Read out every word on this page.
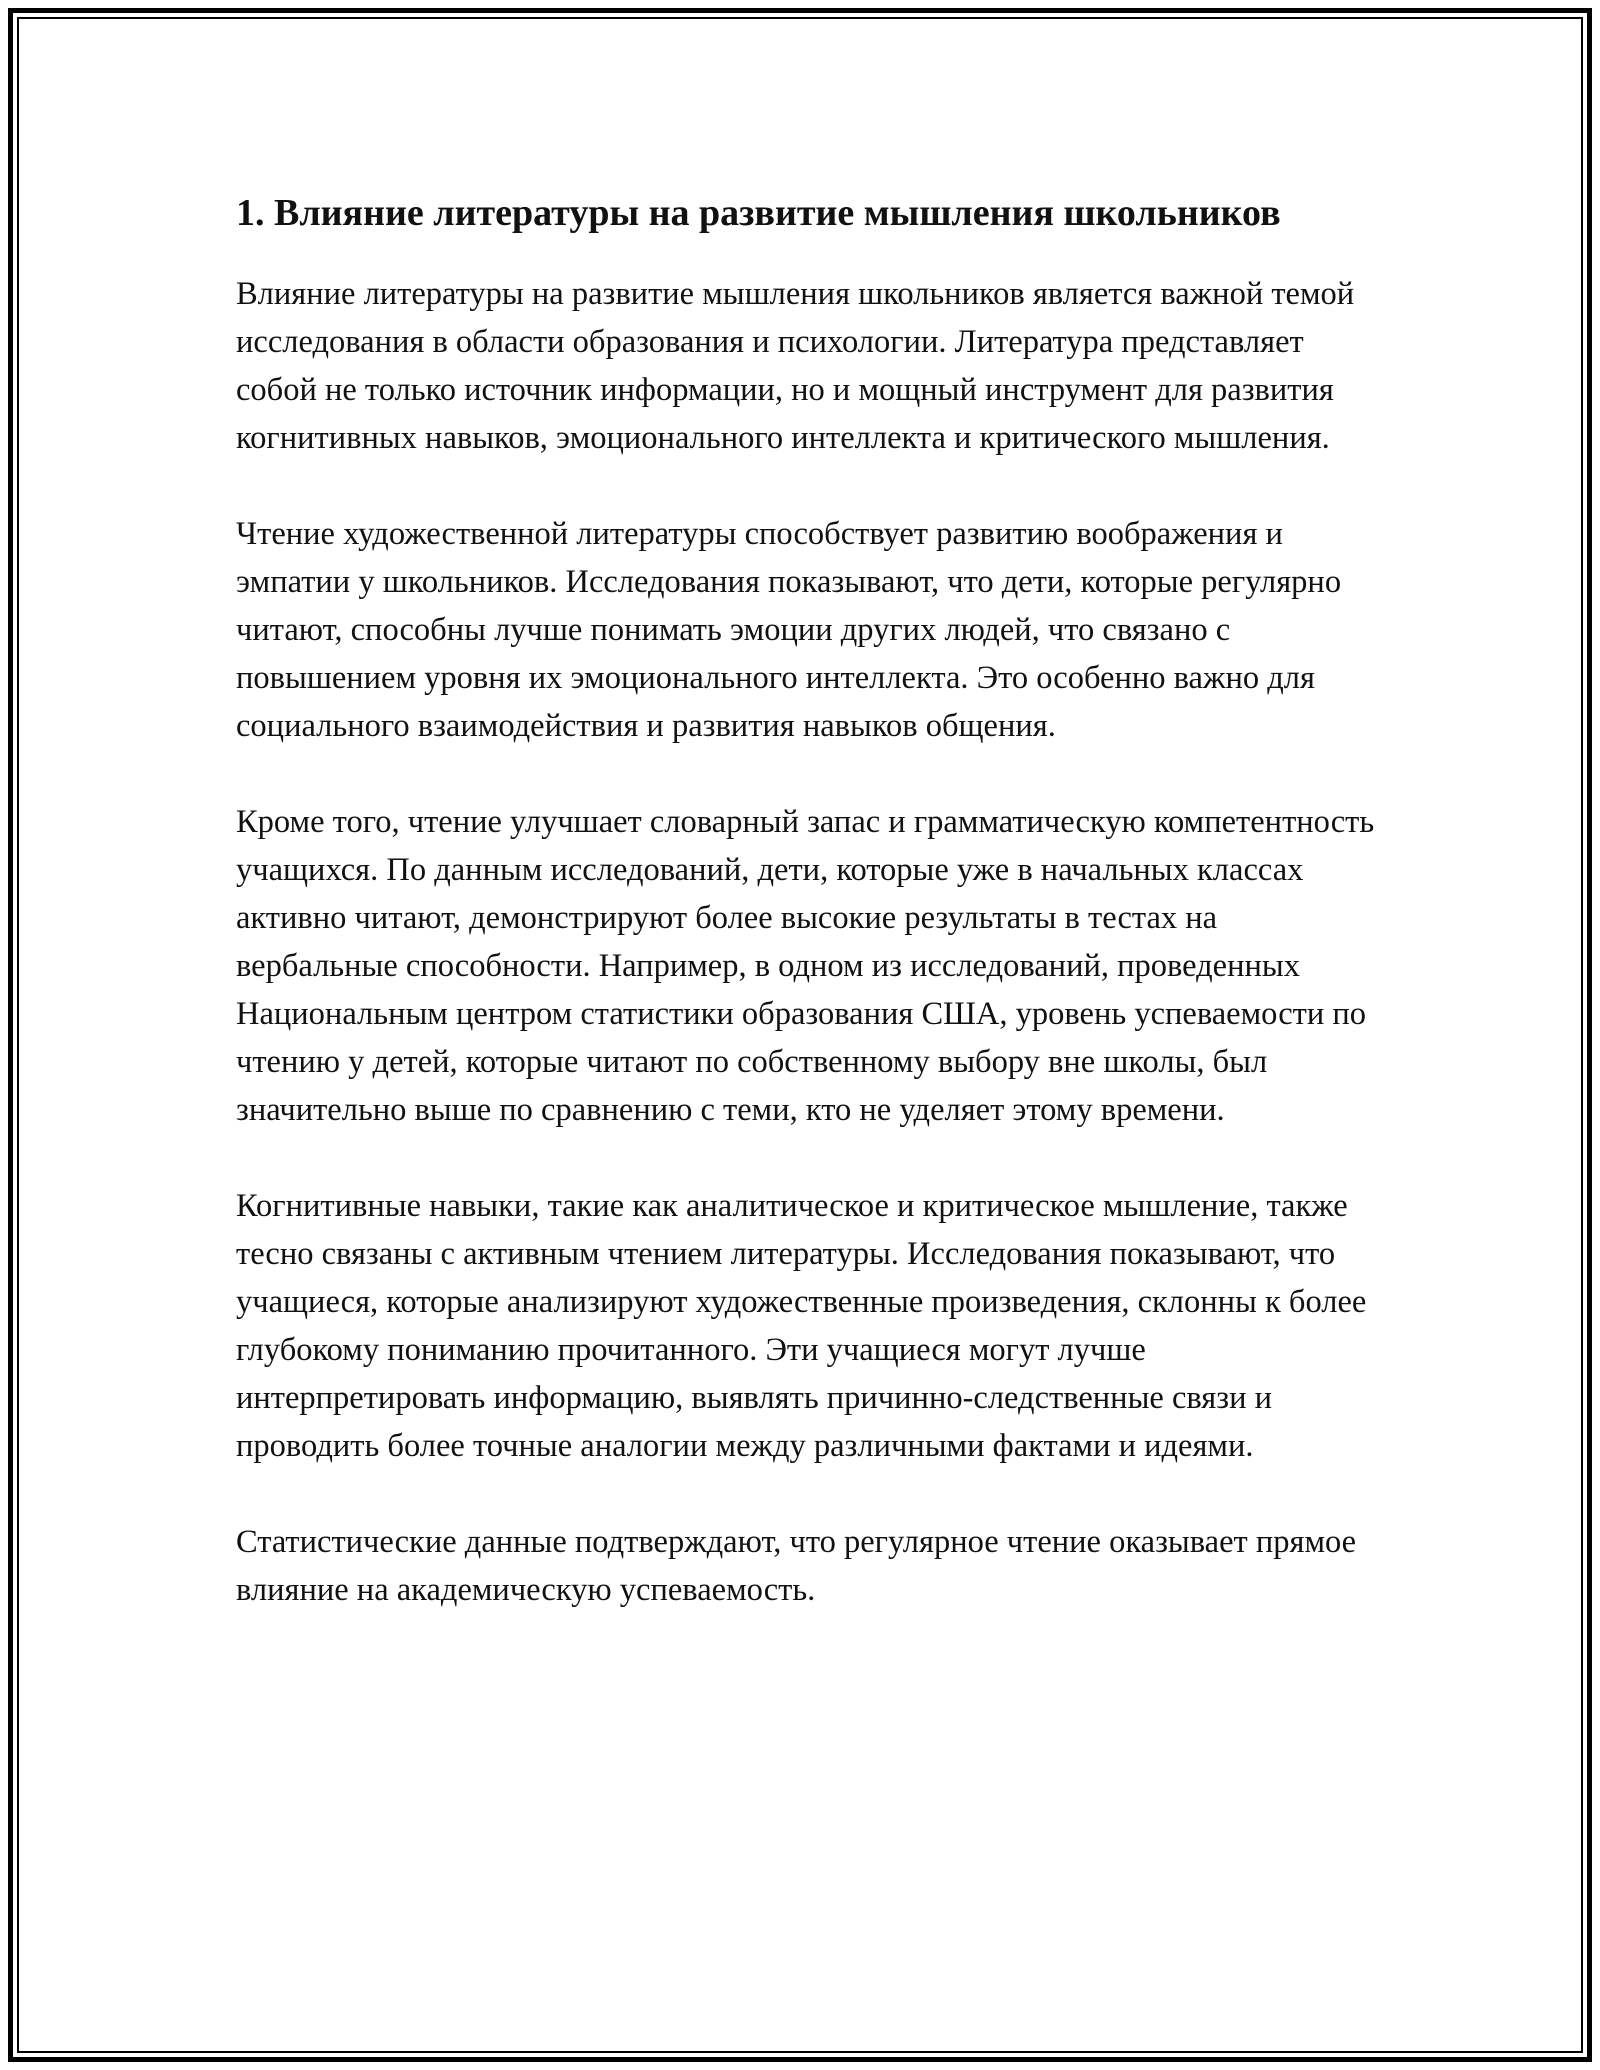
1. Влияние литературы на развитие мышления школьников

Влияние литературы на развитие мышления школьников является важной темой исследования в области образования и психологии. Литература представляет собой не только источник информации, но и мощный инструмент для развития когнитивных навыков, эмоционального интеллекта и критического мышления.

Чтение художественной литературы способствует развитию воображения и эмпатии у школьников. Исследования показывают, что дети, которые регулярно читают, способны лучше понимать эмоции других людей, что связано с повышением уровня их эмоционального интеллекта. Это особенно важно для социального взаимодействия и развития навыков общения.

Кроме того, чтение улучшает словарный запас и грамматическую компетентность учащихся. По данным исследований, дети, которые уже в начальных классах активно читают, демонстрируют более высокие результаты в тестах на вербальные способности. Например, в одном из исследований, проведенных Национальным центром статистики образования США, уровень успеваемости по чтению у детей, которые читают по собственному выбору вне школы, был значительно выше по сравнению с теми, кто не уделяет этому времени.

Когнитивные навыки, такие как аналитическое и критическое мышление, также тесно связаны с активным чтением литературы. Исследования показывают, что учащиеся, которые анализируют художественные произведения, склонны к более глубокому пониманию прочитанного. Эти учащиеся могут лучше интерпретировать информацию, выявлять причинно-следственные связи и проводить более точные аналогии между различными фактами и идеями.

Статистические данные подтверждают, что регулярное чтение оказывает прямое влияние на академическую успеваемость.
